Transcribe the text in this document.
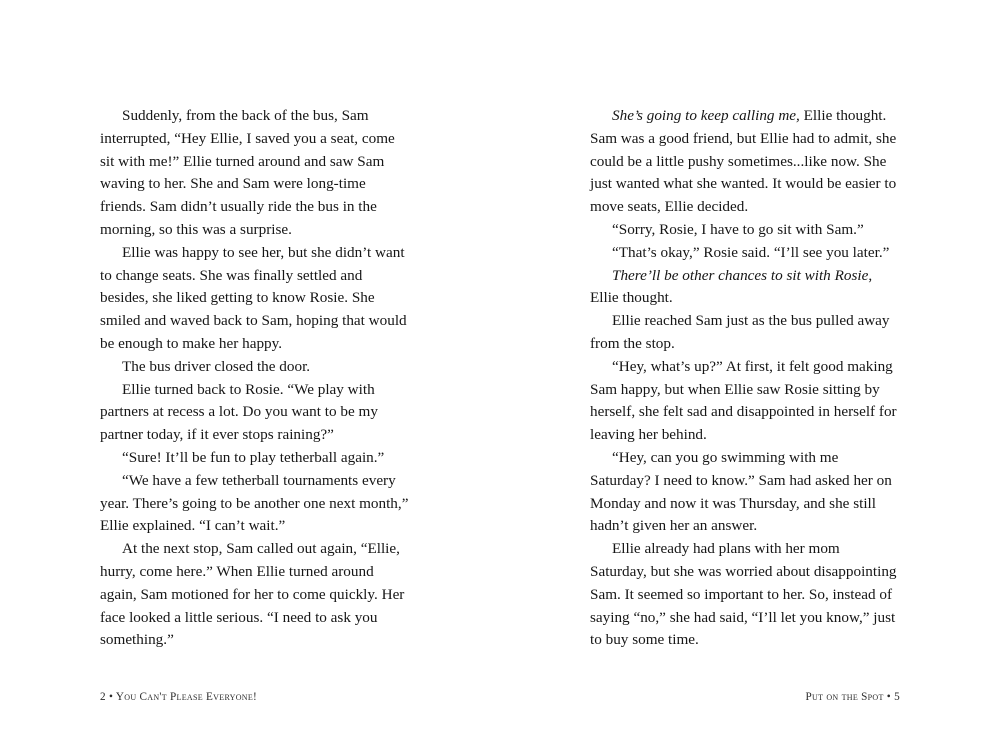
Suddenly, from the back of the bus, Sam interrupted, “Hey Ellie, I saved you a seat, come sit with me!” Ellie turned around and saw Sam waving to her. She and Sam were long-time friends. Sam didn’t usually ride the bus in the morning, so this was a surprise.

Ellie was happy to see her, but she didn’t want to change seats. She was finally settled and besides, she liked getting to know Rosie. She smiled and waved back to Sam, hoping that would be enough to make her happy.

The bus driver closed the door.

Ellie turned back to Rosie. “We play with partners at recess a lot. Do you want to be my partner today, if it ever stops raining?”

“Sure! It’ll be fun to play tetherball again.”

“We have a few tetherball tournaments every year. There’s going to be another one next month,” Ellie explained. “I can’t wait.”

At the next stop, Sam called out again, “Ellie, hurry, come here.” When Ellie turned around again, Sam motioned for her to come quickly. Her face looked a little serious. “I need to ask you something.”

2 • You Can't Please Everyone!

She’s going to keep calling me, Ellie thought. Sam was a good friend, but Ellie had to admit, she could be a little pushy sometimes...like now. She just wanted what she wanted. It would be easier to move seats, Ellie decided.

“Sorry, Rosie, I have to go sit with Sam.”

“That’s okay,” Rosie said. “I’ll see you later.”

There’ll be other chances to sit with Rosie, Ellie thought.

Ellie reached Sam just as the bus pulled away from the stop.

“Hey, what’s up?” At first, it felt good making Sam happy, but when Ellie saw Rosie sitting by herself, she felt sad and disappointed in herself for leaving her behind.

“Hey, can you go swimming with me Saturday? I need to know.” Sam had asked her on Monday and now it was Thursday, and she still hadn’t given her an answer.

Ellie already had plans with her mom Saturday, but she was worried about disappointing Sam. It seemed so important to her. So, instead of saying “no,” she had said, “I’ll let you know,” just to buy some time.

Put on the Spot • 5
